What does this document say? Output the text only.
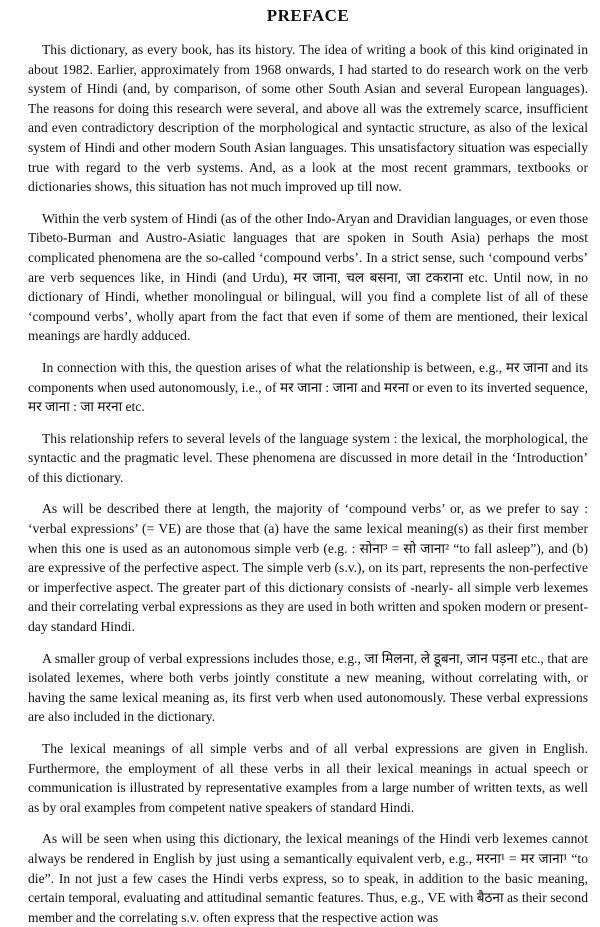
PREFACE

This dictionary, as every book, has its history. The idea of writing a book of this kind originated in about 1982. Earlier, approximately from 1968 onwards, I had started to do research work on the verb system of Hindi (and, by comparison, of some other South Asian and several European languages). The reasons for doing this research were several, and above all was the extremely scarce, insufficient and even contradictory description of the morphological and syntactic structure, as also of the lexical system of Hindi and other modern South Asian languages. This unsatisfactory situation was especially true with regard to the verb systems. And, as a look at the most recent grammars, textbooks or dictionaries shows, this situation has not much improved up till now.

Within the verb system of Hindi (as of the other Indo-Aryan and Dravidian languages, or even those Tibeto-Burman and Austro-Asiatic languages that are spoken in South Asia) perhaps the most complicated phenomena are the so-called ‘compound verbs’. In a strict sense, such ‘compound verbs’ are verb sequences like, in Hindi (and Urdu), मर जाना, चल बसना, जा टकराना etc. Until now, in no dictionary of Hindi, whether monolingual or bilingual, will you find a complete list of all of these ‘compound verbs’, wholly apart from the fact that even if some of them are mentioned, their lexical meanings are hardly adduced.

In connection with this, the question arises of what the relationship is between, e.g., मर जाना and its components when used autonomously, i.e., of मर जाना : जाना and मरना or even to its inverted sequence, मर जाना : जा मरना etc.

This relationship refers to several levels of the language system : the lexical, the morphological, the syntactic and the pragmatic level. These phenomena are discussed in more detail in the ‘Introduction’ of this dictionary.

As will be described there at length, the majority of ‘compound verbs’ or, as we prefer to say : ‘verbal expressions’ (= VE) are those that (a) have the same lexical meaning(s) as their first member when this one is used as an autonomous simple verb (e.g. : सोना³ = सो जाना² “to fall asleep”), and (b) are expressive of the perfective aspect. The simple verb (s.v.), on its part, represents the non-perfective or imperfective aspect. The greater part of this dictionary consists of -nearly- all simple verb lexemes and their correlating verbal expressions as they are used in both written and spoken modern or present-day standard Hindi.

A smaller group of verbal expressions includes those, e.g., जा मिलना, ले डूबना, जान पड़ना etc., that are isolated lexemes, where both verbs jointly constitute a new meaning, without correlating with, or having the same lexical meaning as, its first verb when used autonomously. These verbal expressions are also included in the dictionary.

The lexical meanings of all simple verbs and of all verbal expressions are given in English. Furthermore, the employment of all these verbs in all their lexical meanings in actual speech or communication is illustrated by representative examples from a large number of written texts, as well as by oral examples from competent native speakers of standard Hindi.

As will be seen when using this dictionary, the lexical meanings of the Hindi verb lexemes cannot always be rendered in English by just using a semantically equivalent verb, e.g., मरना¹ = मर जाना¹ “to die”. In not just a few cases the Hindi verbs express, so to speak, in addition to the basic meaning, certain temporal, evaluating and attitudinal semantic features. Thus, e.g., VE with बैठना as their second member and the correlating s.v. often express that the respective action was
